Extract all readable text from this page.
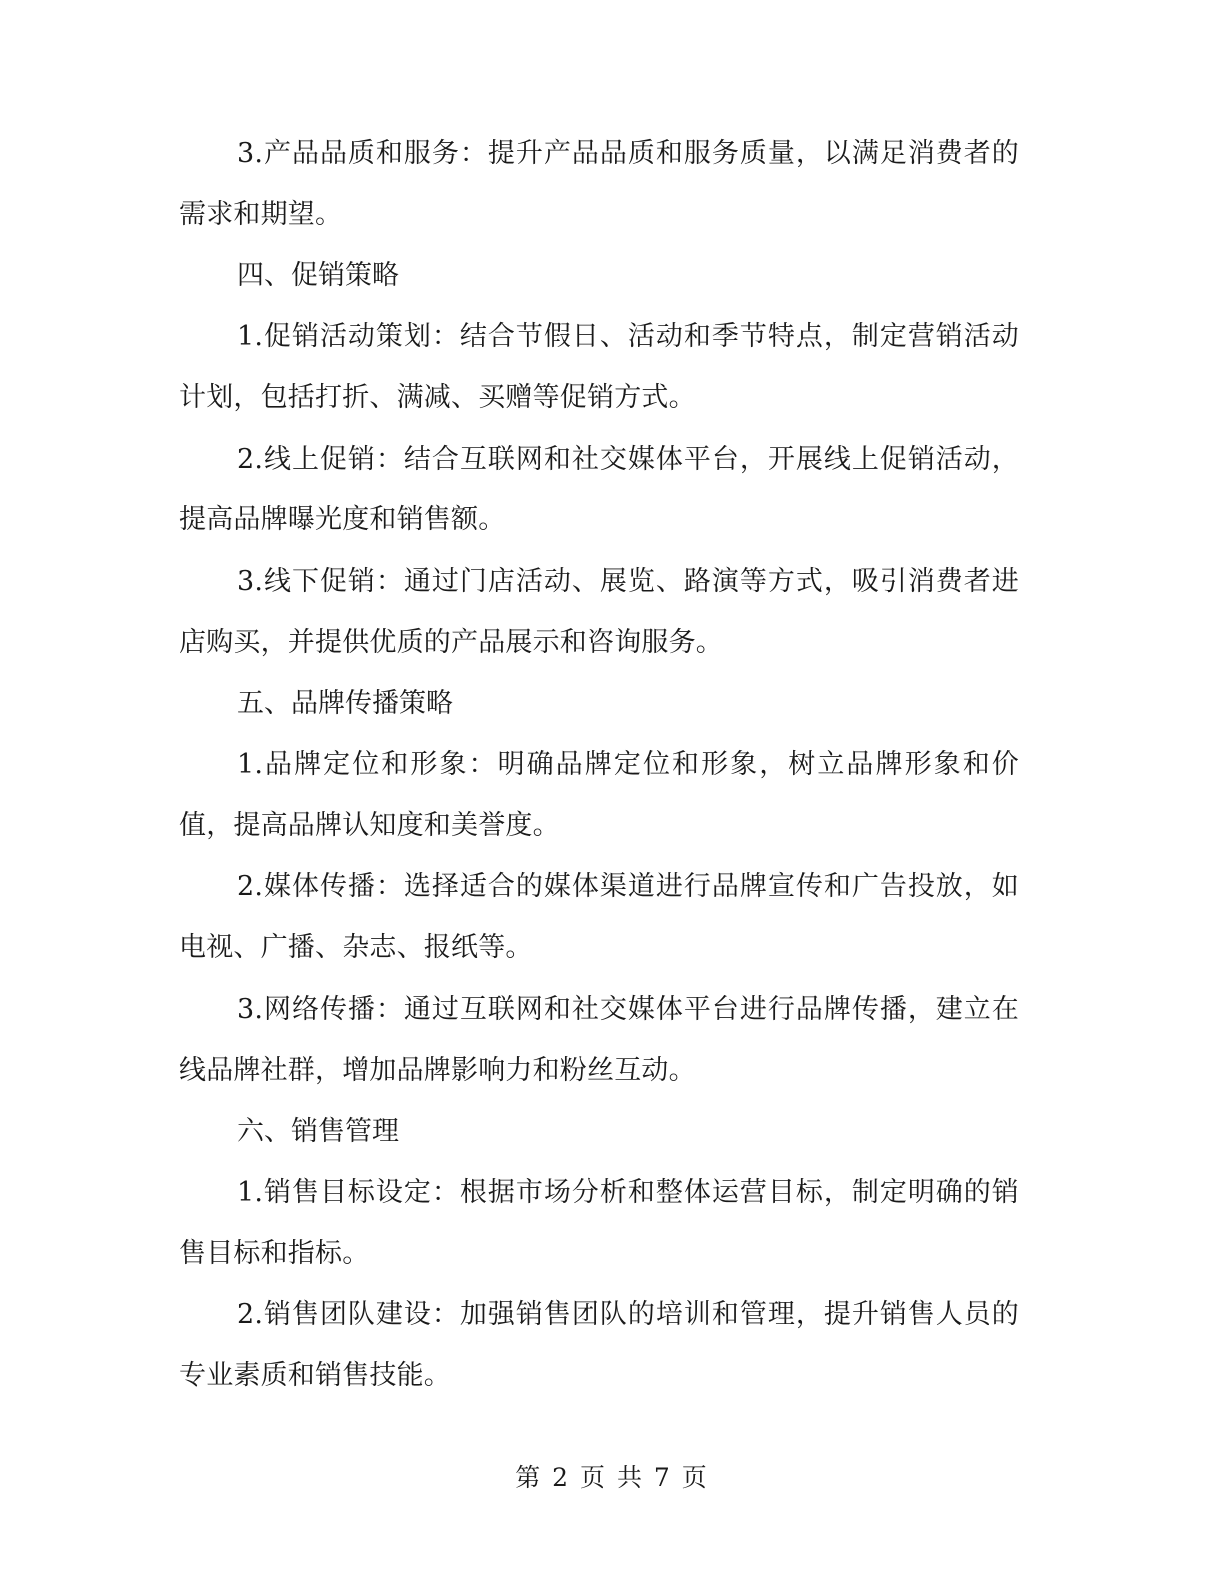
3.产品品质和服务：提升产品品质和服务质量，以满足消费者的需求和期望。

四、促销策略

1.促销活动策划：结合节假日、活动和季节特点，制定营销活动计划，包括打折、满减、买赠等促销方式。

2.线上促销：结合互联网和社交媒体平台，开展线上促销活动，提高品牌曝光度和销售额。

3.线下促销：通过门店活动、展览、路演等方式，吸引消费者进店购买，并提供优质的产品展示和咨询服务。

五、品牌传播策略

1.品牌定位和形象：明确品牌定位和形象，树立品牌形象和价值，提高品牌认知度和美誉度。

2.媒体传播：选择适合的媒体渠道进行品牌宣传和广告投放，如电视、广播、杂志、报纸等。

3.网络传播：通过互联网和社交媒体平台进行品牌传播，建立在线品牌社群，增加品牌影响力和粉丝互动。

六、销售管理

1.销售目标设定：根据市场分析和整体运营目标，制定明确的销售目标和指标。

2.销售团队建设：加强销售团队的培训和管理，提升销售人员的专业素质和销售技能。

第 2 页 共 7 页
